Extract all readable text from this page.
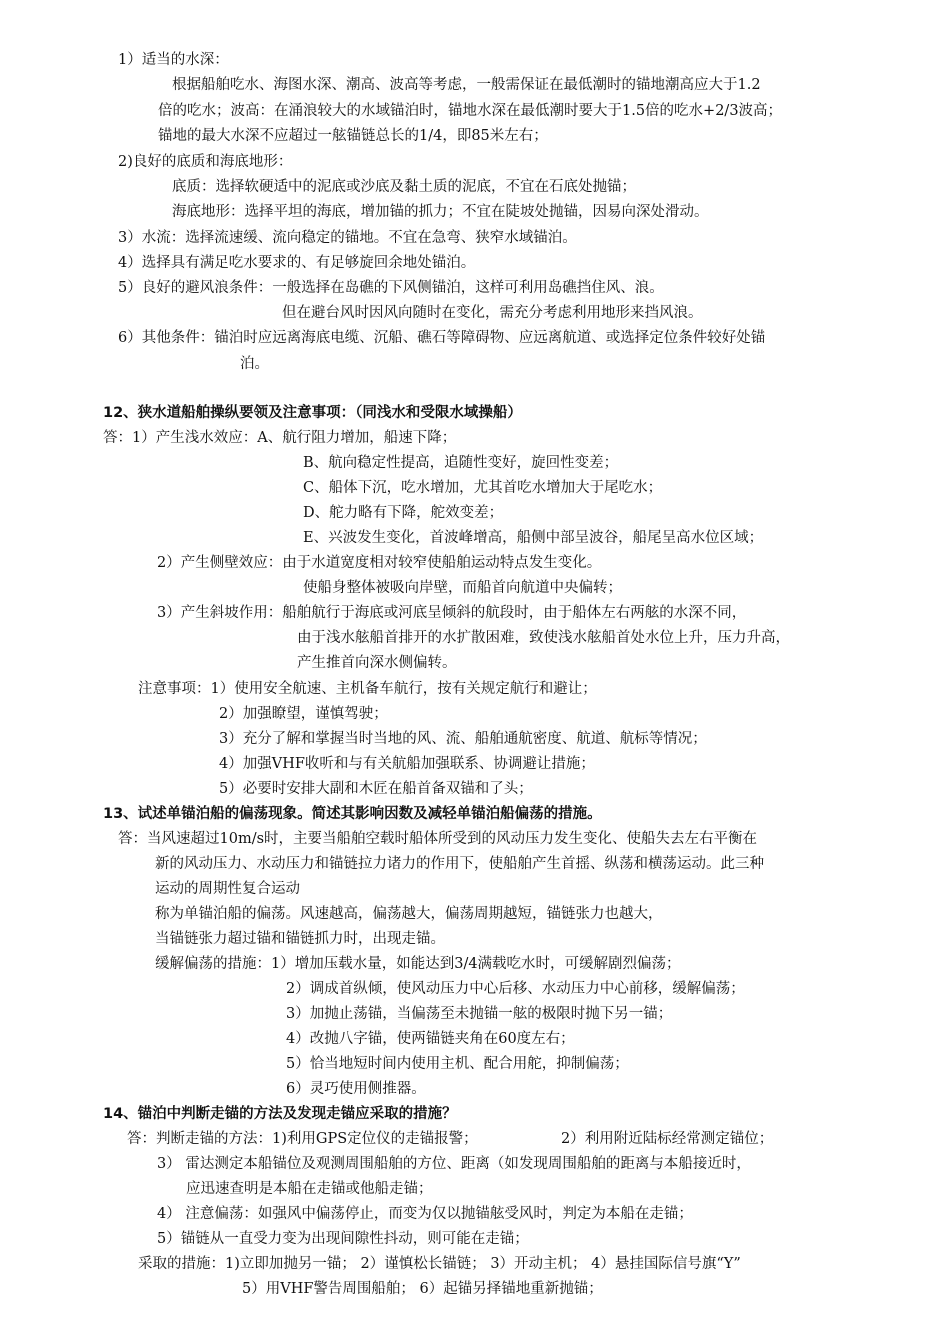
1）适当的水深：
根据船舶吃水、海图水深、潮高、波高等考虑，一般需保证在最低潮时的锚地潮高应大于1.2
倍的吃水；波高：在涌浪较大的水域锚泊时，锚地水深在最低潮时要大于1.5倍的吃水+2/3波高；
锚地的最大水深不应超过一舷锚链总长的1/4，即85米左右；
2)良好的底质和海底地形：
底质：选择软硬适中的泥底或沙底及黏土质的泥底，不宜在石底处抛锚；
海底地形：选择平坦的海底，增加锚的抓力；不宜在陡坡处抛锚，因易向深处滑动。
3）水流：选择流速缓、流向稳定的锚地。不宜在急弯、狭窄水域锚泊。
4）选择具有满足吃水要求的、有足够旋回余地处锚泊。
5）良好的避风浪条件：一般选择在岛礁的下风侧锚泊，这样可利用岛礁挡住风、浪。
但在避台风时因风向随时在变化，需充分考虑利用地形来挡风浪。
6）其他条件：锚泊时应远离海底电缆、沉船、礁石等障碍物、应远离航道、或选择定位条件较好处锚
泊。
12、狭水道船舶操纵要领及注意事项：（同浅水和受限水域操船）
答：1）产生浅水效应：A、航行阻力增加，船速下降；
B、航向稳定性提高，追随性变好，旋回性变差；
C、船体下沉，吃水增加，尤其首吃水增加大于尾吃水；
D、舵力略有下降，舵效变差；
E、兴波发生变化，首波峰增高，船侧中部呈波谷，船尾呈高水位区域；
2）产生侧壁效应：由于水道宽度相对较窄使船舶运动特点发生变化。
使船身整体被吸向岸壁，而船首向航道中央偏转；
3）产生斜坡作用：船舶航行于海底或河底呈倾斜的航段时，由于船体左右两舷的水深不同，
由于浅水舷船首排开的水扩散困难，致使浅水舷船首处水位上升，压力升高，
产生推首向深水侧偏转。
注意事项：1）使用安全航速、主机备车航行，按有关规定航行和避让；
2）加强瞭望，谨慎驾驶；
3）充分了解和掌握当时当地的风、流、船舶通航密度、航道、航标等情况；
4）加强VHF收听和与有关航船加强联系、协调避让措施；
5）必要时安排大副和木匠在船首备双锚和了头；
13、试述单锚泊船的偏荡现象。简述其影响因数及减轻单锚泊船偏荡的措施。
答：当风速超过10m/s时，主要当船舶空载时船体所受到的风动压力发生变化、使船失去左右平衡在
新的风动压力、水动压力和锚链拉力诸力的作用下，使船舶产生首摇、纵荡和横荡运动。此三种
运动的周期性复合运动
称为单锚泊船的偏荡。风速越高，偏荡越大，偏荡周期越短，锚链张力也越大，
当锚链张力超过锚和锚链抓力时，出现走锚。
缓解偏荡的措施：1）增加压载水量，如能达到3/4满载吃水时，可缓解剧烈偏荡；
2）调成首纵倾，使风动压力中心后移、水动压力中心前移，缓解偏荡；
3）加抛止荡锚，当偏荡至未抛锚一舷的极限时抛下另一锚；
4）改抛八字锚，使两锚链夹角在60度左右；
5）恰当地短时间内使用主机、配合用舵，抑制偏荡；
6）灵巧使用侧推器。
14、锚泊中判断走锚的方法及发现走锚应采取的措施？
答：判断走锚的方法：1)利用GPS定位仪的走锚报警；	2）利用附近陆标经常测定锚位；
3） 雷达测定本船锚位及观测周围船舶的方位、距离（如发现周围船舶的距离与本船接近时，
应迅速查明是本船在走锚或他船走锚；
4） 注意偏荡：如强风中偏荡停止，而变为仅以抛锚舷受风时，判定为本船在走锚；
5）锚链从一直受力变为出现间隙性抖动，则可能在走锚；
采取的措施：1)立即加抛另一锚； 2）谨慎松长锚链； 3）开动主机； 4）悬挂国际信号旗“Y”
5）用VHF警告周围船舶； 6）起锚另择锚地重新抛锚；
